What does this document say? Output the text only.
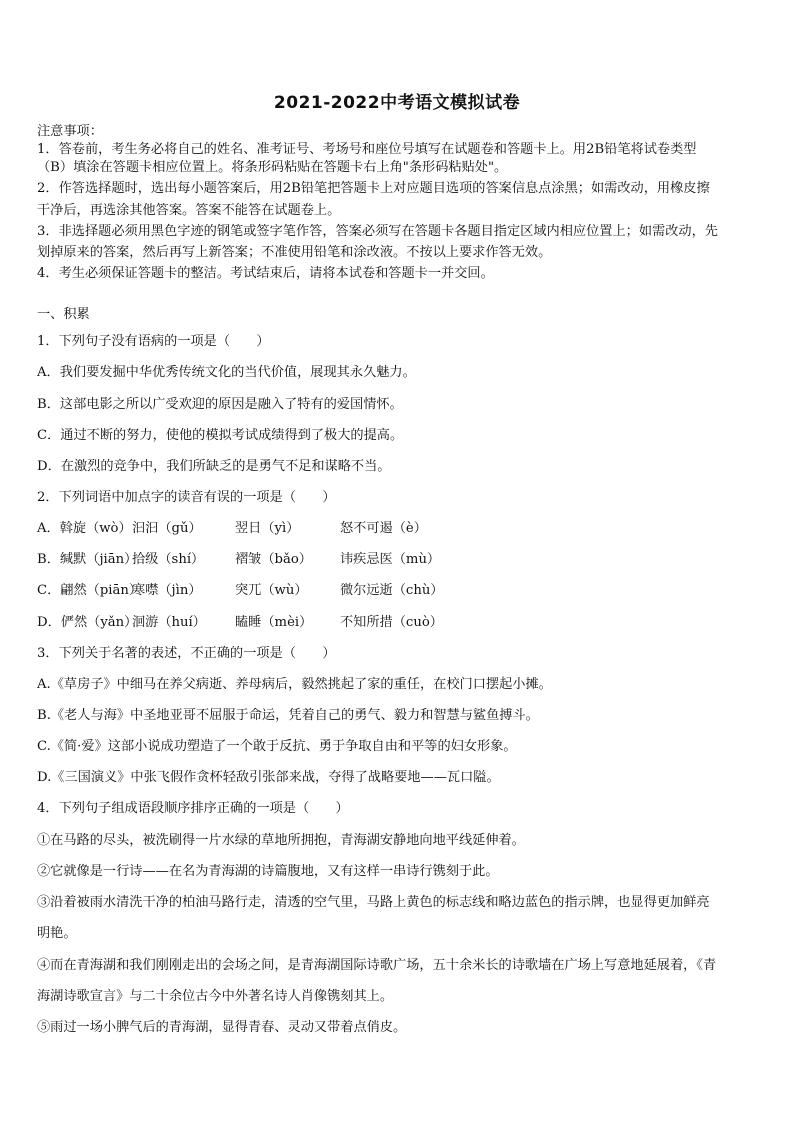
2021-2022中考语文模拟试卷
注意事项：
1．答卷前，考生务必将自己的姓名、准考证号、考场号和座位号填写在试题卷和答题卡上。用2B铅笔将试卷类型
（B）填涂在答题卡相应位置上。将条形码粘贴在答题卡右上角"条形码粘贴处"。
2．作答选择题时，选出每小题答案后，用2B铅笔把答题卡上对应题目选项的答案信息点涂黑；如需改动，用橡皮擦
干净后，再选涂其他答案。答案不能答在试题卷上。
3．非选择题必须用黑色字迹的钢笔或签字笔作答，答案必须写在答题卡各题目指定区域内相应位置上；如需改动，先
划掉原来的答案，然后再写上新答案；不准使用铅笔和涂改液。不按以上要求作答无效。
4．考生必须保证答题卡的整洁。考试结束后，请将本试卷和答题卡一并交回。
一、积累
1．下列句子没有语病的一项是（　　）
A．我们要发掘中华优秀传统文化的当代价值，展现其永久魅力。
B．这部电影之所以广受欢迎的原因是融入了特有的爱国情怀。
C．通过不断的努力，使他的模拟考试成绩得到了极大的提高。
D．在激烈的竞争中，我们所缺乏的是勇气不足和谋略不当。
2．下列词语中加点字的读音有误的一项是（　　）
A．斡旋（wò）汩汩（gǔ）	翌日（yì）	怒不可遏（è）
B．缄默（jiān）拾级（shí） 褶皱（bǎo） 讳疾忌医（mù）
C．翩然（piān）寒噤（jìn）	突兀（wù） 微尔远逝（chù）
D．俨然（yǎn）洄游（huí） 瞌睡（mèi） 不知所措（cuò）
3．下列关于名著的表述，不正确的一项是（　　）
A.《草房子》中细马在养父病逝、养母病后，毅然挑起了家的重任，在校门口摆起小摊。
B.《老人与海》中圣地亚哥不屈服于命运，凭着自己的勇气、毅力和智慧与鲨鱼搏斗。
C.《简·爱》这部小说成功塑造了一个敢于反抗、勇于争取自由和平等的妇女形象。
D.《三国演义》中张飞假作贪杯轻敌引张郃来战，夺得了战略要地——瓦口隘。
4．下列句子组成语段顺序排序正确的一项是（　　）
①在马路的尽头，被洗刷得一片水绿的草地所拥抱，青海湖安静地向地平线延伸着。
②它就像是一行诗——在名为青海湖的诗篇腹地，又有这样一串诗行镌刻于此。
③沿着被雨水清洗干净的柏油马路行走，清透的空气里，马路上黄色的标志线和略边蓝色的指示牌，也显得更加鲜亮
明艳。
④而在青海湖和我们刚刚走出的会场之间，是青海湖国际诗歌广场，五十余米长的诗歌墙在广场上写意地延展着，《青
海湖诗歌宣言》与二十余位古今中外著名诗人肖像镌刻其上。
⑤雨过一场小脾气后的青海湖，显得青春、灵动又带着点俏皮。
